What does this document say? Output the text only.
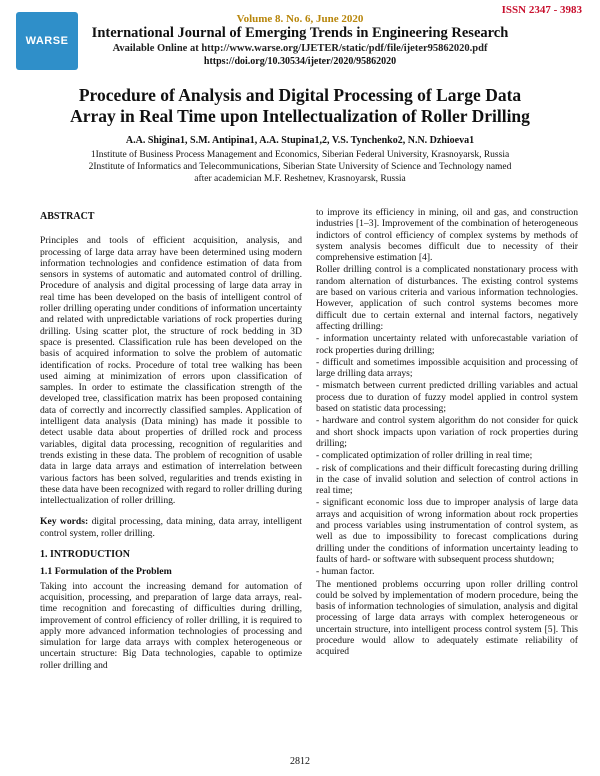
WARSE
ISSN 2347 - 3983
Volume 8. No. 6, June 2020
International Journal of Emerging Trends in Engineering Research
Available Online at http://www.warse.org/IJETER/static/pdf/file/ijeter95862020.pdf
https://doi.org/10.30534/ijeter/2020/95862020
Procedure of Analysis and Digital Processing of Large Data
Array in Real Time upon Intellectualization of Roller Drilling
A.A. Shigina1, S.M. Antipina1, A.A. Stupina1,2, V.S. Tynchenko2, N.N. Dzhioeva1
1Institute of Business Process Management and Economics, Siberian Federal University, Krasnoyarsk, Russia
2Institute of Informatics and Telecommunications, Siberian State University of Science and Technology named
after academician M.F. Reshetnev, Krasnoyarsk, Russia
ABSTRACT

Principles and tools of efficient acquisition, analysis, and processing of large data array have been determined using modern information technologies and confidence estimation of data from sensors in systems of automatic and automated control of drilling. Procedure of analysis and digital processing of large data array in real time has been developed on the basis of intelligent control of roller drilling operating under conditions of information uncertainty and related with unpredictable variations of rock properties during drilling. Using scatter plot, the structure of rock bedding in 3D space is presented. Classification rule has been developed on the basis of acquired information to solve the problem of automatic identification of rocks. Procedure of total tree walking has been used aiming at minimization of errors upon classification of samples. In order to estimate the classification strength of the developed tree, classification matrix has been proposed containing data of correctly and incorrectly classified samples. Application of intelligent data analysis (Data mining) has made it possible to detect usable data about properties of drilled rock and process variables, digital data processing, recognition of regularities and trends existing in these data. The problem of recognition of usable data in large data arrays and estimation of interrelation between various factors has been solved, regularities and trends existing in these data have been recognized with regard to roller drilling during intellectualization of roller drilling.

Key words: digital processing, data mining, data array, intelligent control system, roller drilling.

1. INTRODUCTION
1.1 Formulation of the Problem

Taking into account the increasing demand for automation of acquisition, processing, and preparation of large data arrays, real-time recognition and forecasting of difficulties during drilling, improvement of control efficiency of roller drilling, it is required to apply more advanced information technologies of processing and simulation for large data arrays with complex heterogeneous or uncertain structure: Big Data technologies, capable to optimize roller drilling and

to improve its efficiency in mining, oil and gas, and construction industries [1–3]. Improvement of the combination of heterogeneous indictors of control efficiency of complex systems by methods of system analysis becomes difficult due to necessity of their comprehensive estimation [4].

Roller drilling control is a complicated nonstationary process with random alternation of disturbances. The existing control systems are based on various criteria and various information technologies. However, application of such control systems becomes more difficult due to certain external and internal factors, negatively affecting drilling:

- information uncertainty related with unforecastable variation of rock properties during drilling;

- difficult and sometimes impossible acquisition and processing of large drilling data arrays;

- mismatch between current predicted drilling variables and actual process due to duration of fuzzy model applied in control system based on statistic data processing;

- hardware and control system algorithm do not consider for quick and short shock impacts upon variation of rock properties during drilling;

- complicated optimization of roller drilling in real time;

- risk of complications and their difficult forecasting during drilling in the case of invalid solution and selection of control actions in real time;

- significant economic loss due to improper analysis of large data arrays and acquisition of wrong information about rock properties and process variables using instrumentation of control system, as well as due to impossibility to forecast complications during drilling under the conditions of information uncertainty leading to faults of hard- or software with subsequent process shutdown;

- human factor.

The mentioned problems occurring upon roller drilling control could be solved by implementation of modern procedure, being the basis of information technologies of simulation, analysis and digital processing of large data arrays with complex heterogeneous or uncertain structure, into intelligent process control system [5]. This procedure would allow to adequately estimate reliability of acquired

2812
